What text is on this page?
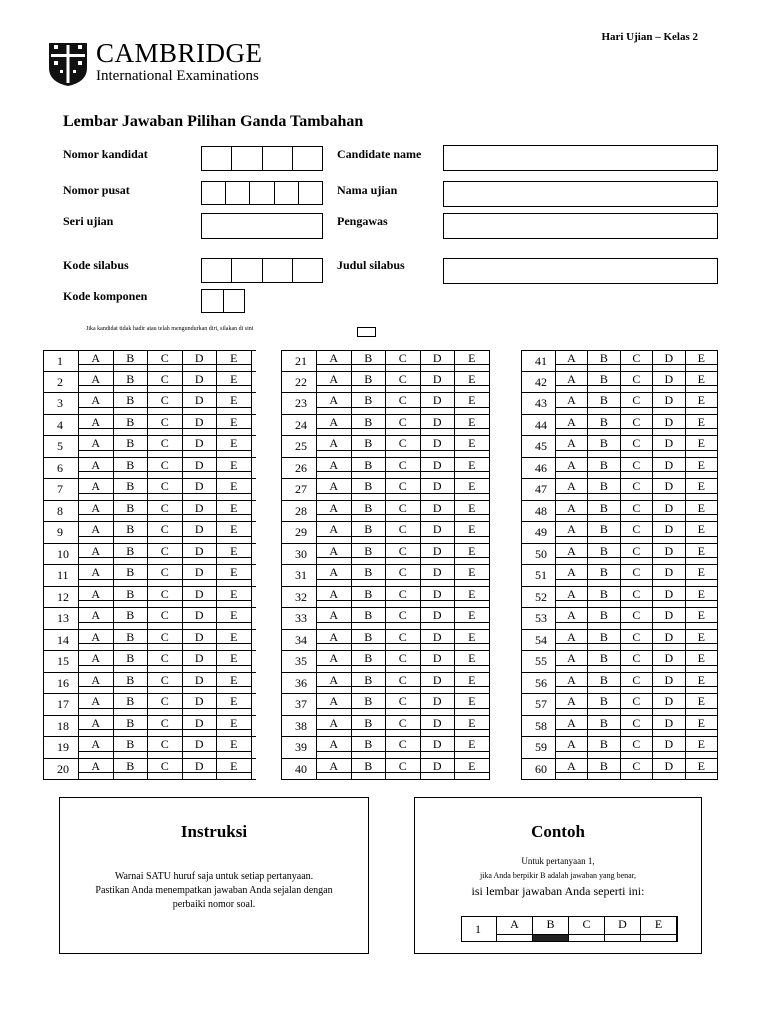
CAMBRIDGE
International Examinations
Hari Ujian – Kelas 2
Lembar Jawaban Pilihan Ganda Tambahan
Nomor kandidat
Nomor pusat
Seri ujian
Kode silabus
Kode komponen
Candidate name
Nama ujian
Pengawas
Judul silabus
Jika kandidat tidak hadir atau telah mengundurkan diri, silakan di sini
1	A	B	C	D	E
2	A	B	C	D	E
3	A	B	C	D	E
4	A	B	C	D	E
5	A	B	C	D	E
6	A	B	C	D	E
7	A	B	C	D	E
8	A	B	C	D	E
9	A	B	C	D	E
10	A	B	C	D	E
11	A	B	C	D	E
12	A	B	C	D	E
13	A	B	C	D	E
14	A	B	C	D	E
15	A	B	C	D	E
16	A	B	C	D	E
17	A	B	C	D	E
18	A	B	C	D	E
19	A	B	C	D	E
20	A	B	C	D	E
21	A	B	C	D	E
22	A	B	C	D	E
23	A	B	C	D	E
24	A	B	C	D	E
25	A	B	C	D	E
26	A	B	C	D	E
27	A	B	C	D	E
28	A	B	C	D	E
29	A	B	C	D	E
30	A	B	C	D	E
31	A	B	C	D	E
32	A	B	C	D	E
33	A	B	C	D	E
34	A	B	C	D	E
35	A	B	C	D	E
36	A	B	C	D	E
37	A	B	C	D	E
38	A	B	C	D	E
39	A	B	C	D	E
40	A	B	C	D	E
41	A	B	C	D	E
42	A	B	C	D	E
43	A	B	C	D	E
44	A	B	C	D	E
45	A	B	C	D	E
46	A	B	C	D	E
47	A	B	C	D	E
48	A	B	C	D	E
49	A	B	C	D	E
50	A	B	C	D	E
51	A	B	C	D	E
52	A	B	C	D	E
53	A	B	C	D	E
54	A	B	C	D	E
55	A	B	C	D	E
56	A	B	C	D	E
57	A	B	C	D	E
58	A	B	C	D	E
59	A	B	C	D	E
60	A	B	C	D	E
Instruksi
Warnai SATU huruf saja untuk setiap pertanyaan.
Pastikan Anda menempatkan jawaban Anda sejalan dengan
perbaiki nomor soal.
Contoh
Untuk pertanyaan 1,
jika Anda berpikir B adalah jawaban yang benar,
isi lembar jawaban Anda seperti ini:
1	A	B	C	D	E
